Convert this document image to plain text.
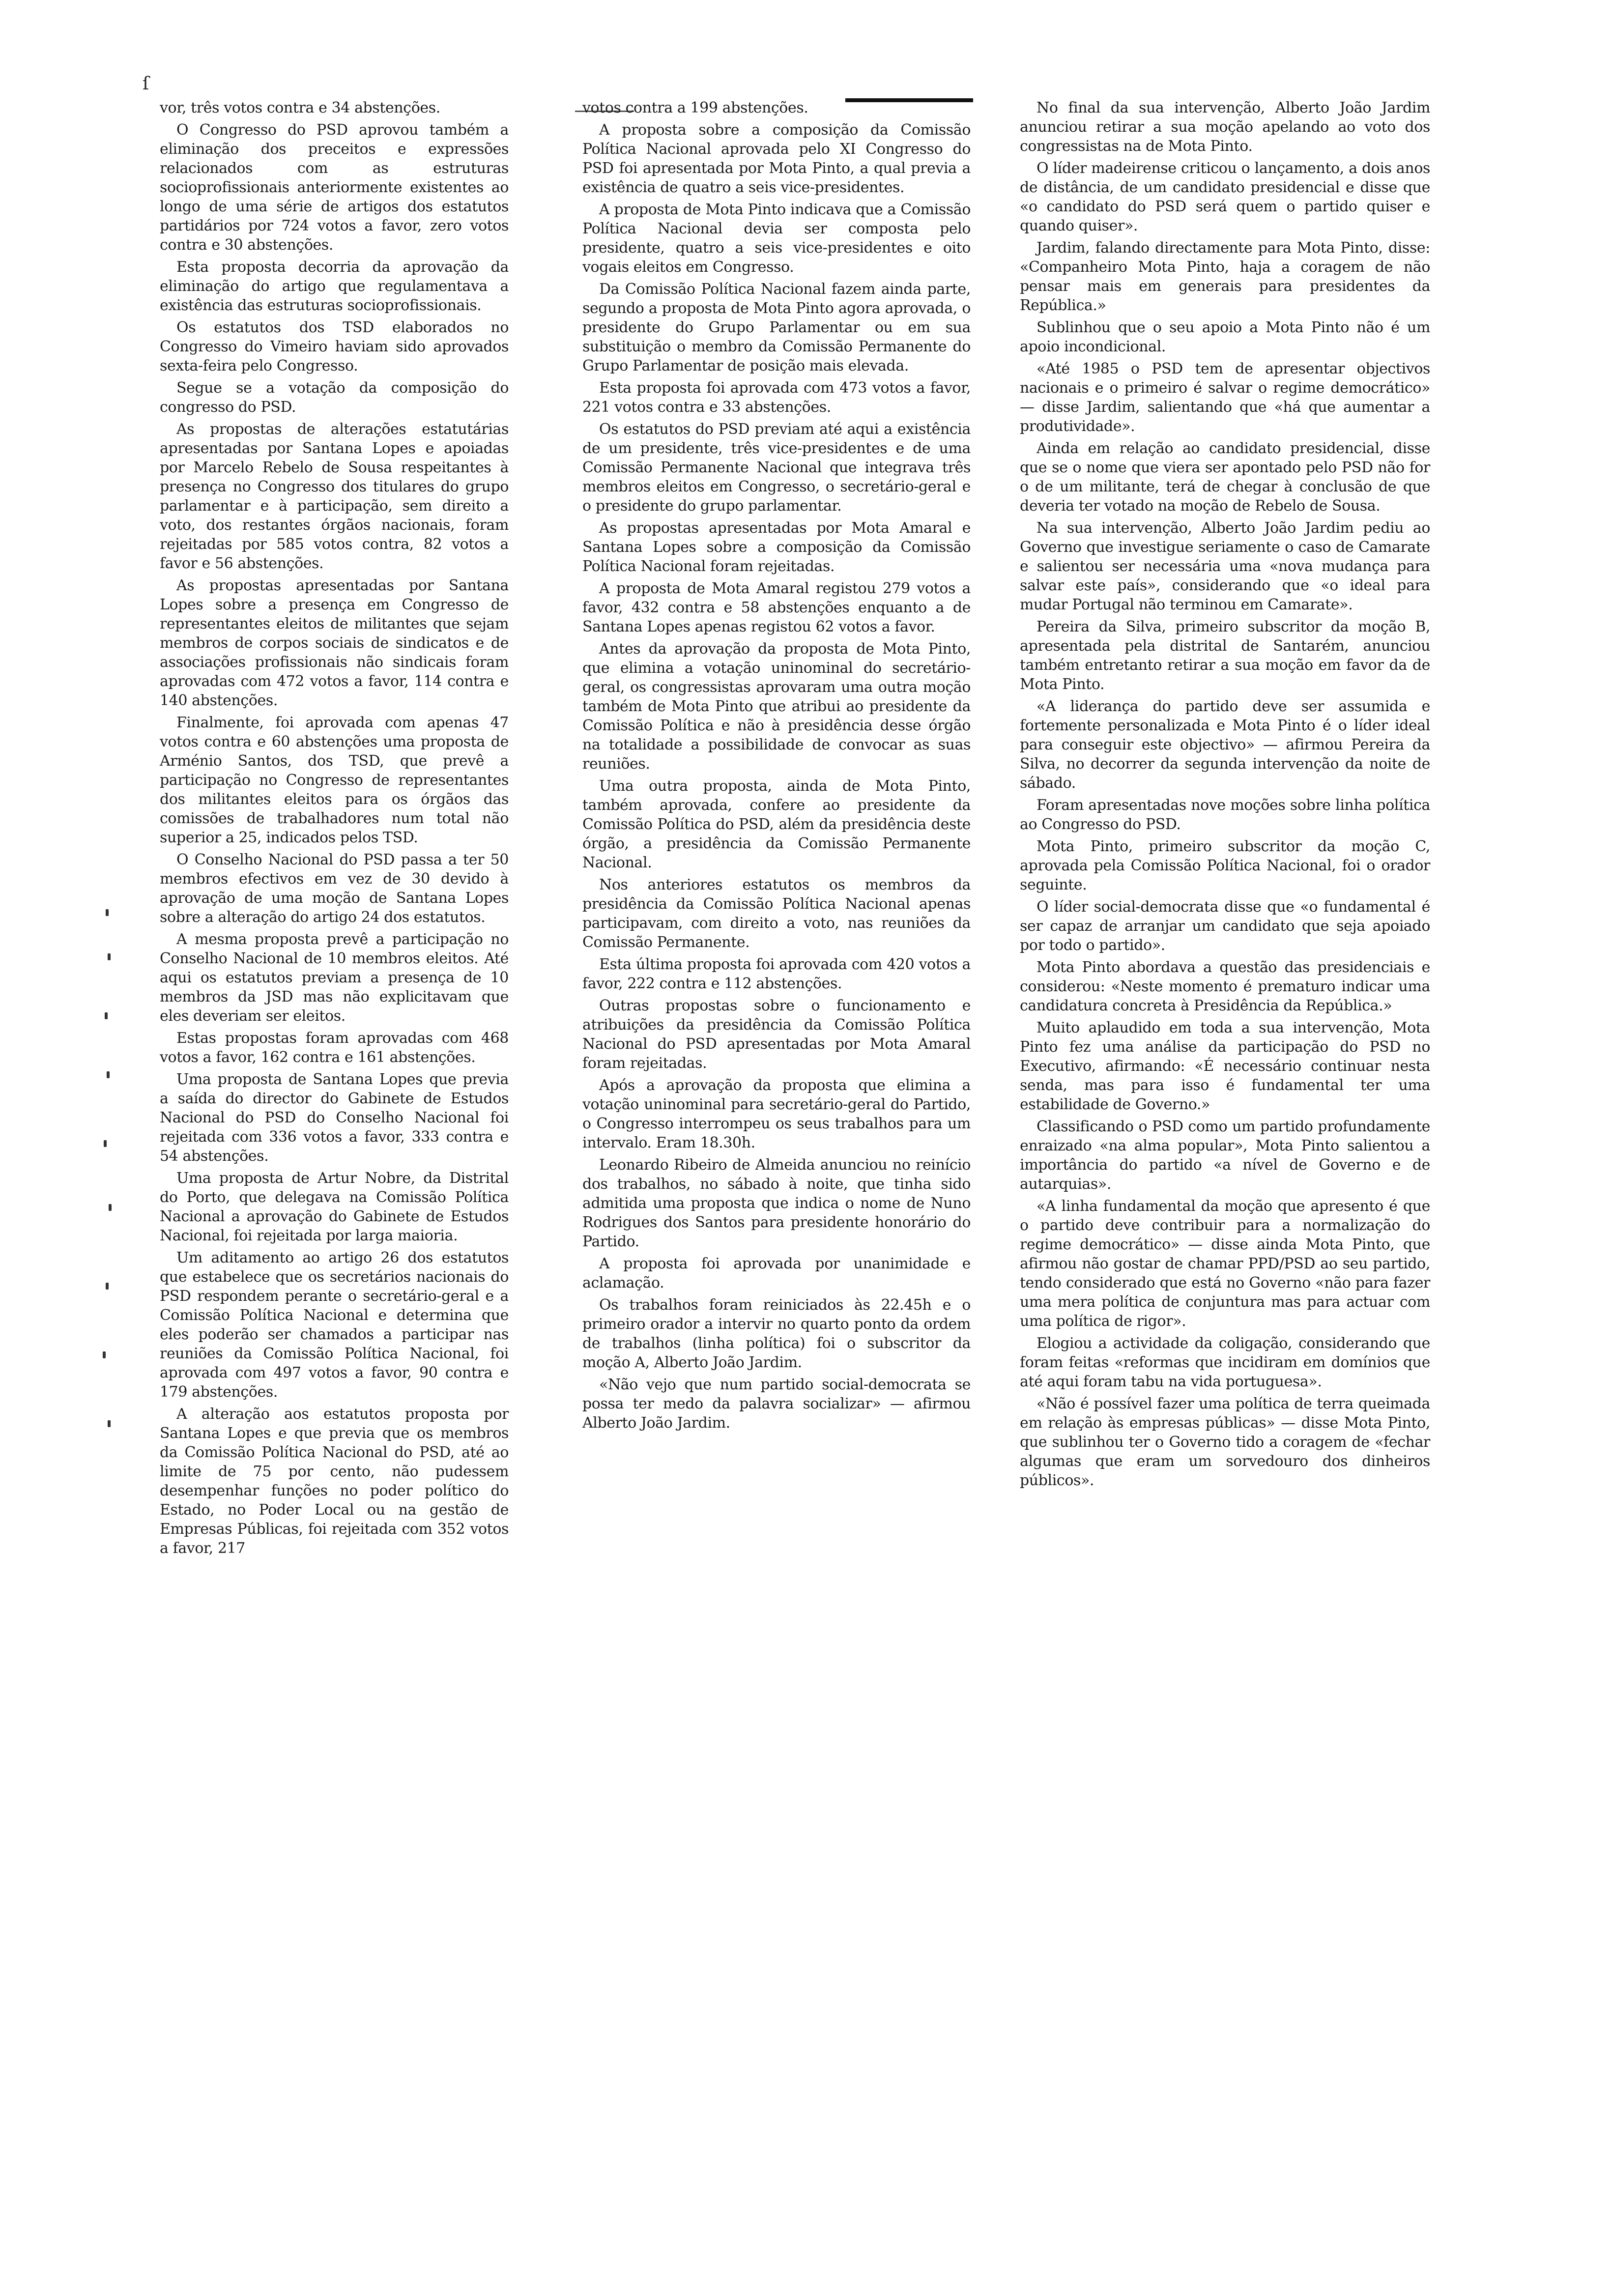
ſ

vor, três votos contra e 34 abstenções.

O Congresso do PSD aprovou também a eliminação dos preceitos e expressões relacionados com as estruturas socioprofissionais anteriormente existentes ao longo de uma série de artigos dos estatutos partidários por 724 votos a favor, zero votos contra e 30 abstenções.

Esta proposta decorria da aprovação da eliminação do artigo que regulamentava a existência das estruturas socioprofissionais.

Os estatutos dos TSD elaborados no Congresso do Vimeiro haviam sido aprovados sexta-feira pelo Congresso.

Segue se a votação da composição do congresso do PSD.

As propostas de alterações estatutárias apresentadas por Santana Lopes e apoiadas por Marcelo Rebelo de Sousa respeitantes à presença no Congresso dos titulares do grupo parlamentar e à participação, sem direito a voto, dos restantes órgãos nacionais, foram rejeitadas por 585 votos contra, 82 votos a favor e 56 abstenções.

As propostas apresentadas por Santana Lopes sobre a presença em Congresso de representantes eleitos de militantes que sejam membros de corpos sociais de sindicatos e de associações profissionais não sindicais foram aprovadas com 472 votos a favor, 114 contra e 140 abstenções.

Finalmente, foi aprovada com apenas 47 votos contra e 60 abstenções uma proposta de Arménio Santos, dos TSD, que prevê a participação no Congresso de representantes dos militantes eleitos para os órgãos das comissões de trabalhadores num total não superior a 25, indicados pelos TSD.

O Conselho Nacional do PSD passa a ter 50 membros efectivos em vez de 30 devido à aprovação de uma moção de Santana Lopes sobre a alteração do artigo 24 dos estatutos.

A mesma proposta prevê a participação no Conselho Nacional de 10 membros eleitos. Até aqui os estatutos previam a presença de 10 membros da JSD mas não explicitavam que eles deveriam ser eleitos.

Estas propostas foram aprovadas com 468 votos a favor, 162 contra e 161 abstenções.

Uma proposta de Santana Lopes que previa a saída do director do Gabinete de Estudos Nacional do PSD do Conselho Nacional foi rejeitada com 336 votos a favor, 333 contra e 54 abstenções.

Uma proposta de Artur Nobre, da Distrital do Porto, que delegava na Comissão Política Nacional a aprovação do Gabinete de Estudos Nacional, foi rejeitada por larga maioria.

Um aditamento ao artigo 26 dos estatutos que estabelece que os secretários nacionais do PSD respondem perante o secretário-geral e a Comissão Política Nacional e determina que eles poderão ser chamados a participar nas reuniões da Comissão Política Nacional, foi aprovada com 497 votos a favor, 90 contra e 179 abstenções.

A alteração aos estatutos proposta por Santana Lopes e que previa que os membros da Comissão Política Nacional do PSD, até ao limite de 75 por cento, não pudessem desempenhar funções no poder político do Estado, no Poder Local ou na gestão de Empresas Públicas, foi rejeitada com 352 votos a favor, 217

votos contra a 199 abstenções.

A proposta sobre a composição da Comissão Política Nacional aprovada pelo XI Congresso do PSD foi apresentada por Mota Pinto, a qual previa a existência de quatro a seis vice-presidentes.

A proposta de Mota Pinto indicava que a Comissão Política Nacional devia ser composta pelo presidente, quatro a seis vice-presidentes e oito vogais eleitos em Congresso.

Da Comissão Política Nacional fazem ainda parte, segundo a proposta de Mota Pinto agora aprovada, o presidente do Grupo Parlamentar ou em sua substituição o membro da Comissão Permanente do Grupo Parlamentar de posição mais elevada.

Esta proposta foi aprovada com 473 votos a favor, 221 votos contra e 33 abstenções.

Os estatutos do PSD previam até aqui a existência de um presidente, três vice-presidentes e de uma Comissão Permanente Nacional que integrava três membros eleitos em Congresso, o secretário-geral e o presidente do grupo parlamentar.

As propostas apresentadas por Mota Amaral e Santana Lopes sobre a composição da Comissão Política Nacional foram rejeitadas.

A proposta de Mota Amaral registou 279 votos a favor, 432 contra e 58 abstenções enquanto a de Santana Lopes apenas registou 62 votos a favor.

Antes da aprovação da proposta de Mota Pinto, que elimina a votação uninominal do secretário-geral, os congressistas aprovaram uma outra moção também de Mota Pinto que atribui ao presidente da Comissão Política e não à presidência desse órgão na totalidade a possibilidade de convocar as suas reuniões.

Uma outra proposta, ainda de Mota Pinto, também aprovada, confere ao presidente da Comissão Política do PSD, além da presidência deste órgão, a presidência da Comissão Permanente Nacional.

Nos anteriores estatutos os membros da presidência da Comissão Política Nacional apenas participavam, com direito a voto, nas reuniões da Comissão Permanente.

Esta última proposta foi aprovada com 420 votos a favor, 222 contra e 112 abstenções.

Outras propostas sobre o funcionamento e atribuições da presidência da Comissão Política Nacional do PSD apresentadas por Mota Amaral foram rejeitadas.

Após a aprovação da proposta que elimina a votação uninominal para secretário-geral do Partido, o Congresso interrompeu os seus trabalhos para um intervalo. Eram 18.30h.

Leonardo Ribeiro de Almeida anunciou no reinício dos trabalhos, no sábado à noite, que tinha sido admitida uma proposta que indica o nome de Nuno Rodrigues dos Santos para presidente honorário do Partido.

A proposta foi aprovada por unanimidade e aclamação.

Os trabalhos foram reiniciados às 22.45h e o primeiro orador a intervir no quarto ponto da ordem de trabalhos (linha política) foi o subscritor da moção A, Alberto João Jardim.

«Não vejo que num partido social-democrata se possa ter medo da palavra socializar» — afirmou Alberto João Jardim.

No final da sua intervenção, Alberto João Jardim anunciou retirar a sua moção apelando ao voto dos congressistas na de Mota Pinto.

O líder madeirense criticou o lançamento, a dois anos de distância, de um candidato presidencial e disse que «o candidato do PSD será quem o partido quiser e quando quiser».

Jardim, falando directamente para Mota Pinto, disse: «Companheiro Mota Pinto, haja a coragem de não pensar mais em generais para presidentes da República.»

Sublinhou que o seu apoio a Mota Pinto não é um apoio incondicional.

«Até 1985 o PSD tem de apresentar objectivos nacionais e o primeiro é salvar o regime democrático» — disse Jardim, salientando que «há que aumentar a produtividade».

Ainda em relação ao candidato presidencial, disse que se o nome que viera ser apontado pelo PSD não for o de um militante, terá de chegar à conclusão de que deveria ter votado na moção de Rebelo de Sousa.

Na sua intervenção, Alberto João Jardim pediu ao Governo que investigue seriamente o caso de Camarate e salientou ser necessária uma «nova mudança para salvar este país», considerando que «o ideal para mudar Portugal não terminou em Camarate».

Pereira da Silva, primeiro subscritor da moção B, apresentada pela distrital de Santarém, anunciou também entretanto retirar a sua moção em favor da de Mota Pinto.

«A liderança do partido deve ser assumida e fortemente personalizada e Mota Pinto é o líder ideal para conseguir este objectivo» — afirmou Pereira da Silva, no decorrer da segunda intervenção da noite de sábado.

Foram apresentadas nove moções sobre linha política ao Congresso do PSD.

Mota Pinto, primeiro subscritor da moção C, aprovada pela Comissão Política Nacional, foi o orador seguinte.

O líder social-democrata disse que «o fundamental é ser capaz de arranjar um candidato que seja apoiado por todo o partido».

Mota Pinto abordava a questão das presidenciais e considerou: «Neste momento é prematuro indicar uma candidatura concreta à Presidência da República.»

Muito aplaudido em toda a sua intervenção, Mota Pinto fez uma análise da participação do PSD no Executivo, afirmando: «É necessário continuar nesta senda, mas para isso é fundamental ter uma estabilidade de Governo.»

Classificando o PSD como um partido profundamente enraizado «na alma popular», Mota Pinto salientou a importância do partido «a nível de Governo e de autarquias».

«A linha fundamental da moção que apresento é que o partido deve contribuir para a normalização do regime democrático» — disse ainda Mota Pinto, que afirmou não gostar de chamar PPD/PSD ao seu partido, tendo considerado que está no Governo «não para fazer uma mera política de conjuntura mas para actuar com uma política de rigor».

Elogiou a actividade da coligação, considerando que foram feitas «reformas que incidiram em domínios que até aqui foram tabu na vida portuguesa».

«Não é possível fazer uma política de terra queimada em relação às empresas públicas» — disse Mota Pinto, que sublinhou ter o Governo tido a coragem de «fechar algumas que eram um sorvedouro dos dinheiros públicos».
